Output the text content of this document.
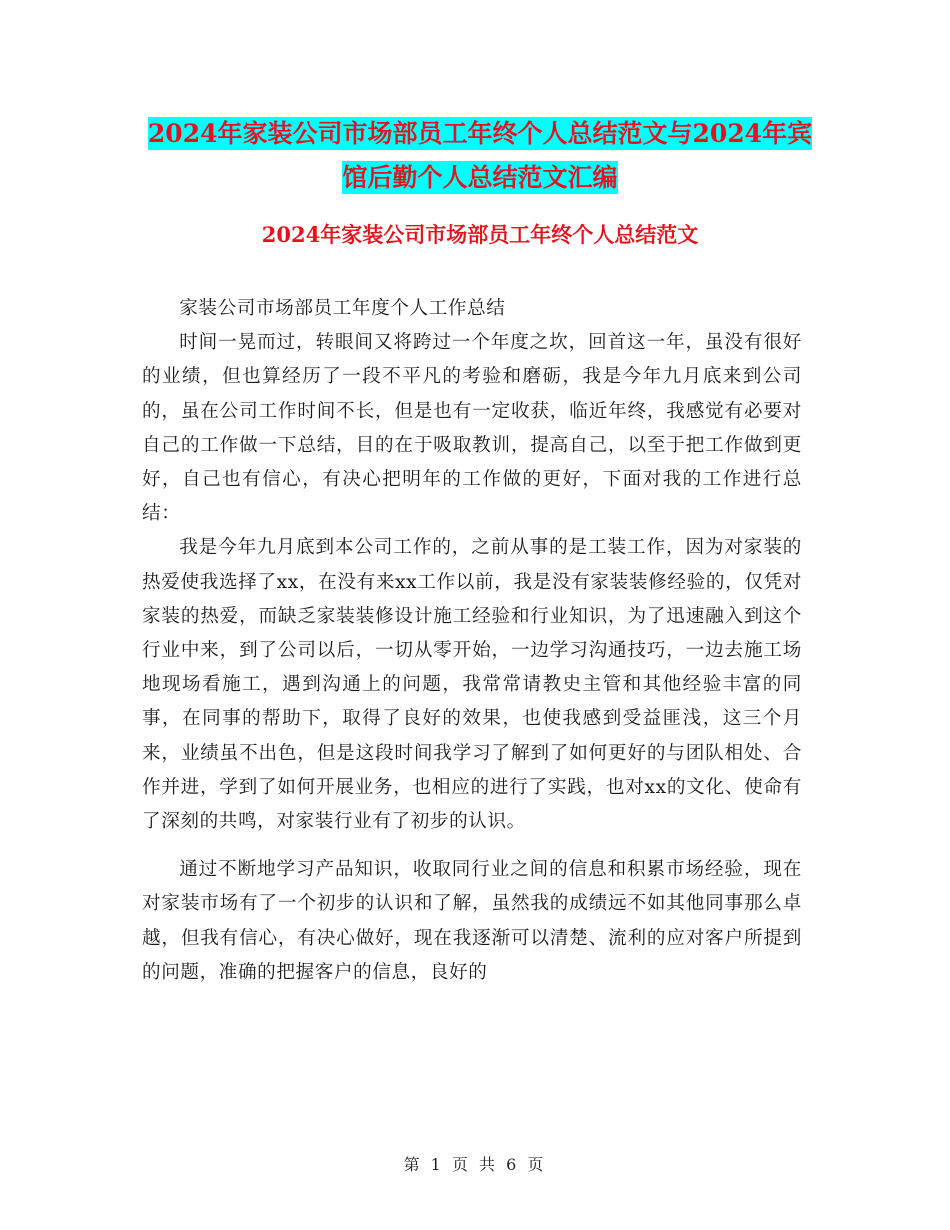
2024年家装公司市场部员工年终个人总结范文与2024年宾馆后勤个人总结范文汇编
2024年家装公司市场部员工年终个人总结范文

家装公司市场部员工年度个人工作总结

时间一晃而过，转眼间又将跨过一个年度之坎，回首这一年，虽没有很好的业绩，但也算经历了一段不平凡的考验和磨砺，我是今年九月底来到公司的，虽在公司工作时间不长，但是也有一定收获，临近年终，我感觉有必要对自己的工作做一下总结，目的在于吸取教训，提高自己，以至于把工作做到更好，自己也有信心，有决心把明年的工作做的更好，下面对我的工作进行总结：

我是今年九月底到本公司工作的，之前从事的是工装工作，因为对家装的热爱使我选择了xx，在没有来xx工作以前，我是没有家装装修经验的，仅凭对家装的热爱，而缺乏家装装修设计施工经验和行业知识，为了迅速融入到这个行业中来，到了公司以后，一切从零开始，一边学习沟通技巧，一边去施工场地现场看施工，遇到沟通上的问题，我常常请教史主管和其他经验丰富的同事，在同事的帮助下，取得了良好的效果，也使我感到受益匪浅，这三个月来，业绩虽不出色，但是这段时间我学习了解到了如何更好的与团队相处、合作并进，学到了如何开展业务，也相应的进行了实践，也对xx的文化、使命有了深刻的共鸣，对家装行业有了初步的认识。

通过不断地学习产品知识，收取同行业之间的信息和积累市场经验，现在对家装市场有了一个初步的认识和了解，虽然我的成绩远不如其他同事那么卓越，但我有信心，有决心做好，现在我逐渐可以清楚、流利的应对客户所提到的问题，准确的把握客户的信息，良好的

第 1 页 共 6 页
